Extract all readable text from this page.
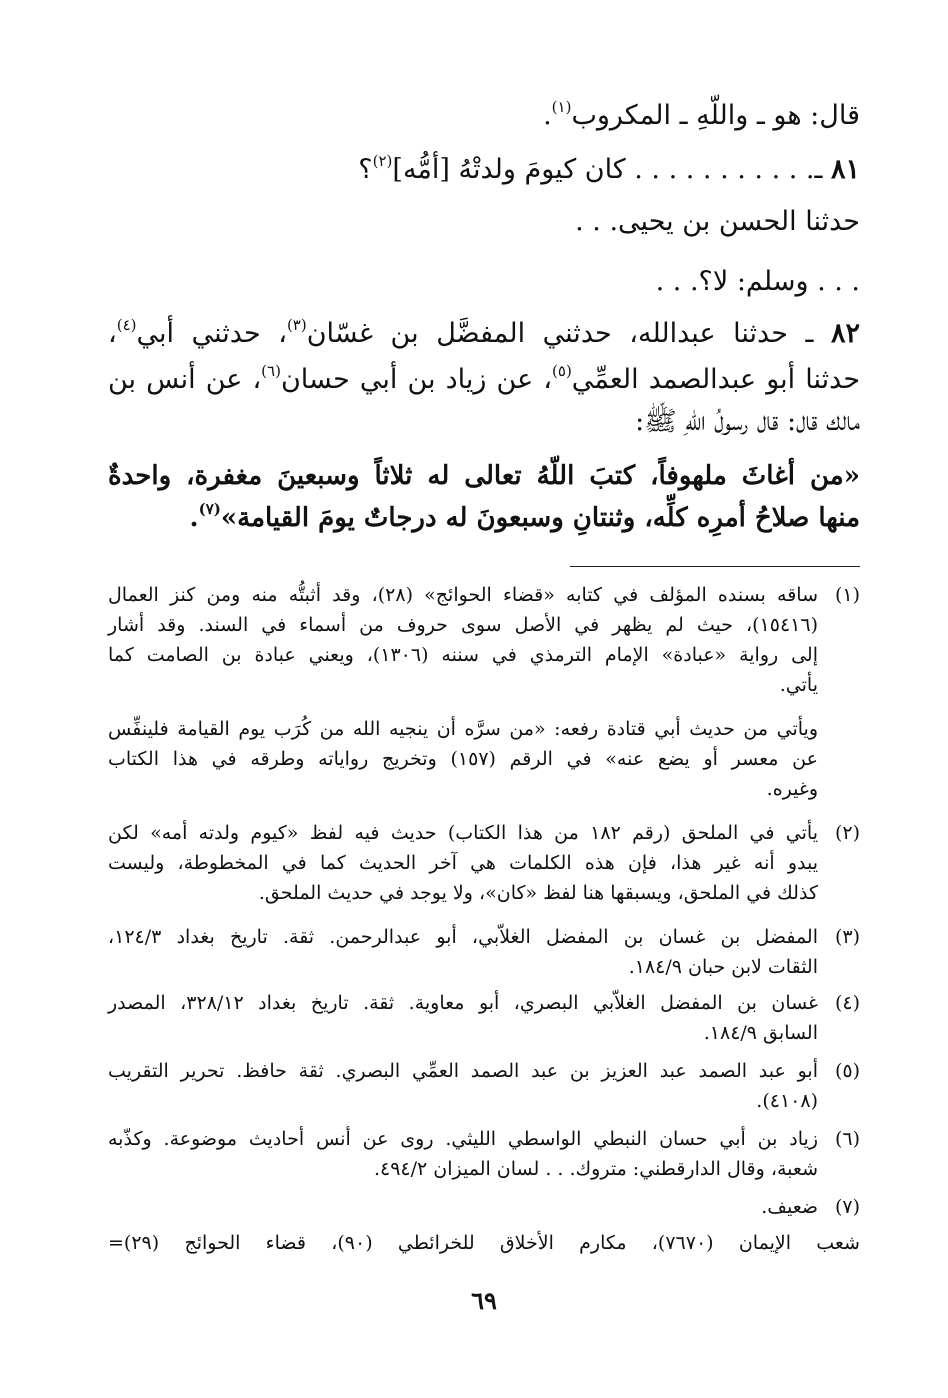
قال: هو ـ واللّهِ ـ المكروب$^{(١)}$.
٨١ ـ. . . . . . . . . . . كان كيومَ ولدتْهُ [أمُّه]$^{(٢)}$؟
حدثنا الحسن بن يحيى. . .
. . . وسلم: لا؟. . .
٨٢ ـ حدثنا عبدالله، حدثني المفضَّل بن غسّان$^{(٣)}$، حدثني أبي$^{(٤)}$،
حدثنا أبو عبدالصمد العمِّي$^{(٥)}$، عن زياد بن أبي حسان$^{(٦)}$، عن أنس بن
مالك قال: قال رسولُ اللّهِ ﷺ:
«من أغاثَ ملهوفاً، كتبَ اللّهُ تعالى له ثلاثاً وسبعينَ مغفرة، واحدةٌ
منها صلاحُ أمرِه كلِّه، وثنتانِ وسبعونَ له درجاتٌ يومَ القيامة»$^{(٧)}$.
(١)
ساقه بسنده المؤلف في كتابه «قضاء الحوائج» (٢٨)، وقد أثبتُّه منه ومن كنز العمال
(١٥٤١٦)، حيث لم يظهر في الأصل سوى حروف من أسماء في السند. وقد أشار
إلى رواية «عبادة» الإمام الترمذي في سننه (١٣٠٦)، ويعني عبادة بن الصامت كما
يأتي.
ويأتي من حديث أبي قتادة رفعه: «من سرَّه أن ينجيه الله من كُرَب يوم القيامة فلينفِّس
عن معسر أو يضع عنه» في الرقم (١٥٧) وتخريج رواياته وطرقه في هذا الكتاب
وغيره.
(٢)
يأتي في الملحق (رقم ١٨٢ من هذا الكتاب) حديث فيه لفظ «كيوم ولدته أمه» لكن
يبدو أنه غير هذا، فإن هذه الكلمات هي آخر الحديث كما في المخطوطة، وليست
كذلك في الملحق، ويسبقها هنا لفظ «كان»، ولا يوجد في حديث الملحق.
(٣)
المفضل بن غسان بن المفضل الغلاّبي، أبو عبدالرحمن. ثقة. تاريخ بغداد ١٢٤/٣،
الثقات لابن حبان ١٨٤/٩.
(٤)
غسان بن المفضل الغلاّبي البصري، أبو معاوية. ثقة. تاريخ بغداد ٣٢٨/١٢، المصدر
السابق ١٨٤/٩.
(٥)
أبو عبد الصمد عبد العزيز بن عبد الصمد العمِّي البصري. ثقة حافظ. تحرير التقريب
(٤١٠٨).
(٦)
زياد بن أبي حسان النبطي الواسطي الليثي. روى عن أنس أحاديث موضوعة. وكذّبه
شعبة، وقال الدارقطني: متروك. . . لسان الميزان ٤٩٤/٢.
(٧)
ضعيف.
شعب الإيمان (٧٦٧٠)، مكارم الأخلاق للخرائطي (٩٠)، قضاء الحوائج (٢٩)=
٦٩
